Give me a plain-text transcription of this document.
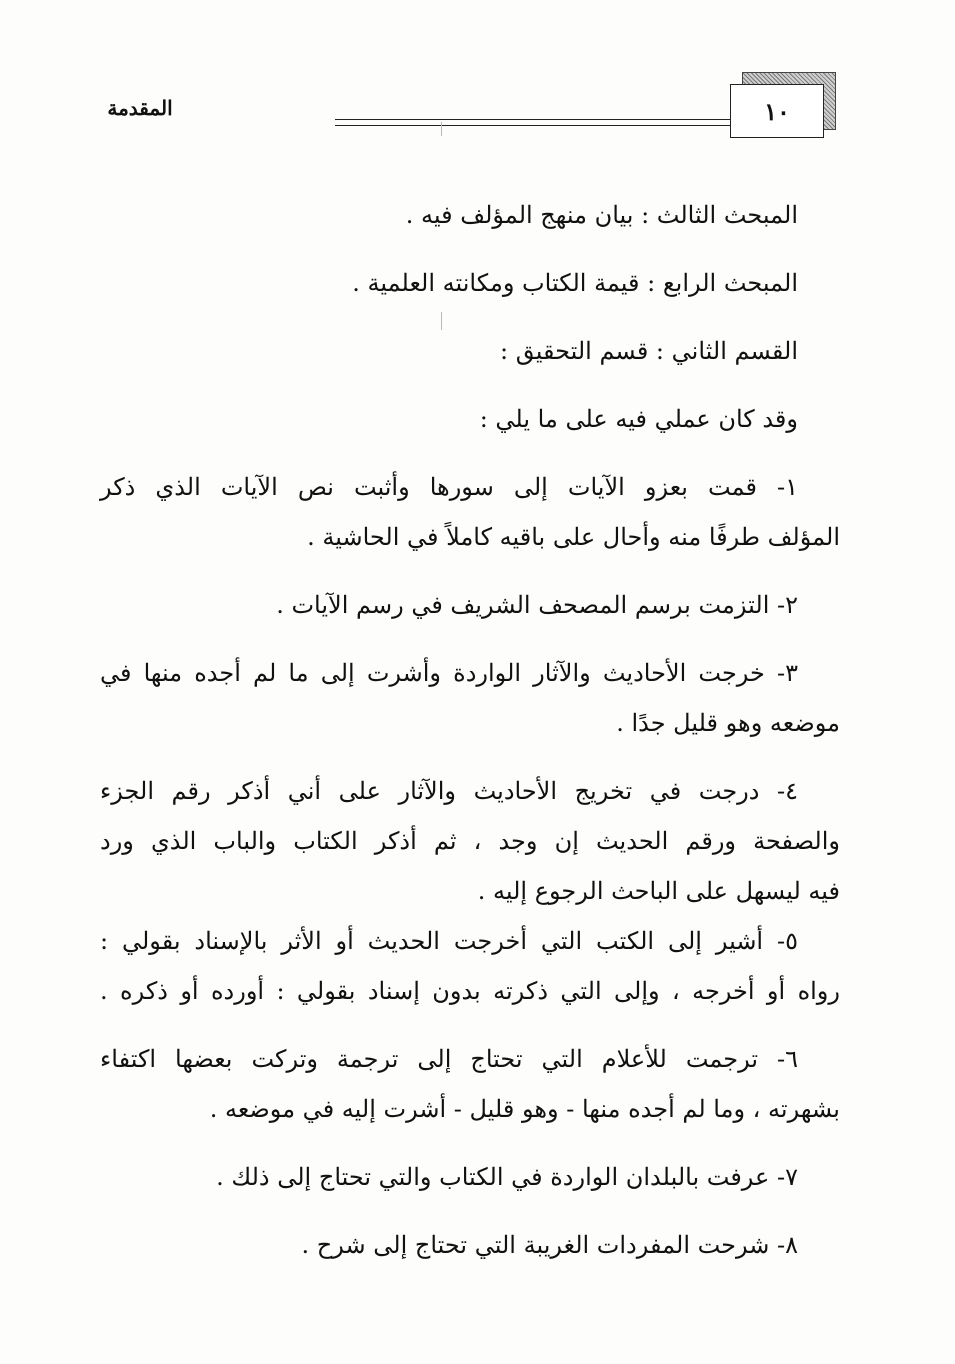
المقدمة	١٠
المبحث الثالث : بيان منهج المؤلف فيه .
المبحث الرابع : قيمة الكتاب ومكانته العلمية .
القسم الثاني : قسم التحقيق :
وقد كان عملي فيه على ما يلي :
١- قمت بعزو الآيات إلى سورها وأثبت نص الآيات الذي ذكر
المؤلف طرفًا منه وأحال على باقيه كاملاً في الحاشية .
٢- التزمت برسم المصحف الشريف في رسم الآيات .
٣- خرجت الأحاديث والآثار الواردة وأشرت إلى ما لم أجده منها في
موضعه وهو قليل جدًا .
٤- درجت في تخريج الأحاديث والآثار على أني أذكر رقم الجزء
والصفحة ورقم الحديث إن وجد ، ثم أذكر الكتاب والباب الذي ورد
فيه ليسهل على الباحث الرجوع إليه .
٥- أشير إلى الكتب التي أخرجت الحديث أو الأثر بالإسناد بقولي :
رواه أو أخرجه ، وإلى التي ذكرته بدون إسناد بقولي : أورده أو ذكره .
٦- ترجمت للأعلام التي تحتاج إلى ترجمة وتركت بعضها اكتفاء
بشهرته ، وما لم أجده منها - وهو قليل - أشرت إليه في موضعه .
٧- عرفت بالبلدان الواردة في الكتاب والتي تحتاج إلى ذلك .
٨- شرحت المفردات الغريبة التي تحتاج إلى شرح .
